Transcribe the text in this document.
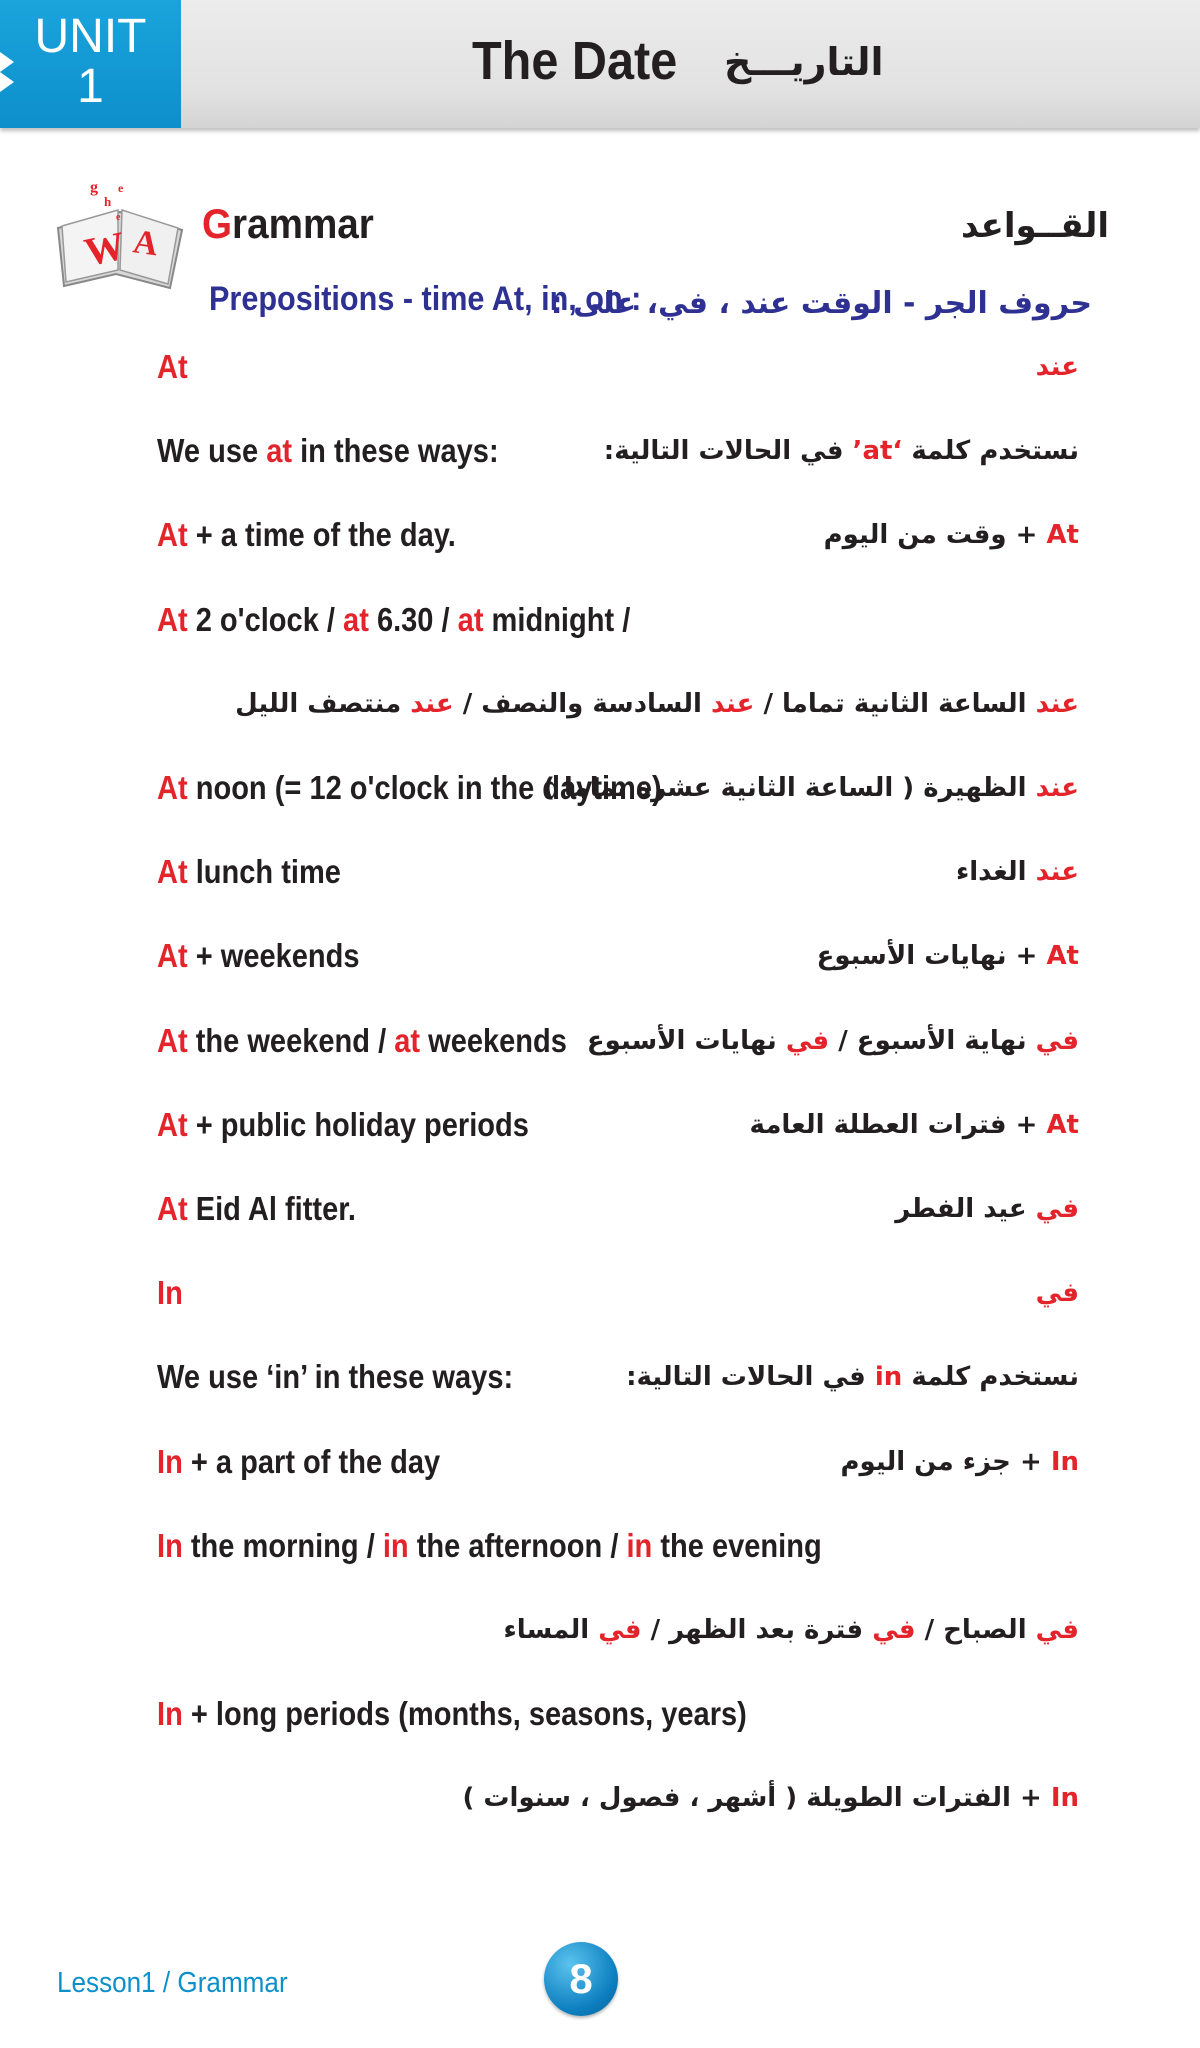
UNIT
1	The Date التاريـــخ
W A
g
h
e
e Grammar	القــواعد
Prepositions - time At, in, on :
حروف الجر - الوقت عند ، في، على :
At	عند
We use at in these ways:	نستخدم كلمة ‘at’ في الحالات التالية:
At + a time of the day.	At + وقت من اليوم
At 2 o'clock / at 6.30 / at midnight /
عند الساعة الثانية تماما / عند السادسة والنصف / عند منتصف الليل
At noon (= 12 o'clock in the daytime)	عند الظهيرة ( الساعة الثانية عشرة تماما )
At lunch time	عند الغداء
At + weekends	At + نهايات الأسبوع
At the weekend / at weekends	في نهاية الأسبوع / في نهايات الأسبوع
At + public holiday periods	At + فترات العطلة العامة
At Eid Al fitter.	في عيد الفطر
In	في
We use ‘in’ in these ways:	نستخدم كلمة in في الحالات التالية:
In + a part of the day	In + جزء من اليوم
In the morning / in the afternoon / in the evening
في الصباح / في فترة بعد الظهر / في المساء
In + long periods (months, seasons, years)
In + الفترات الطويلة ( أشهر ، فصول ، سنوات )
Lesson1 / Grammar	8
